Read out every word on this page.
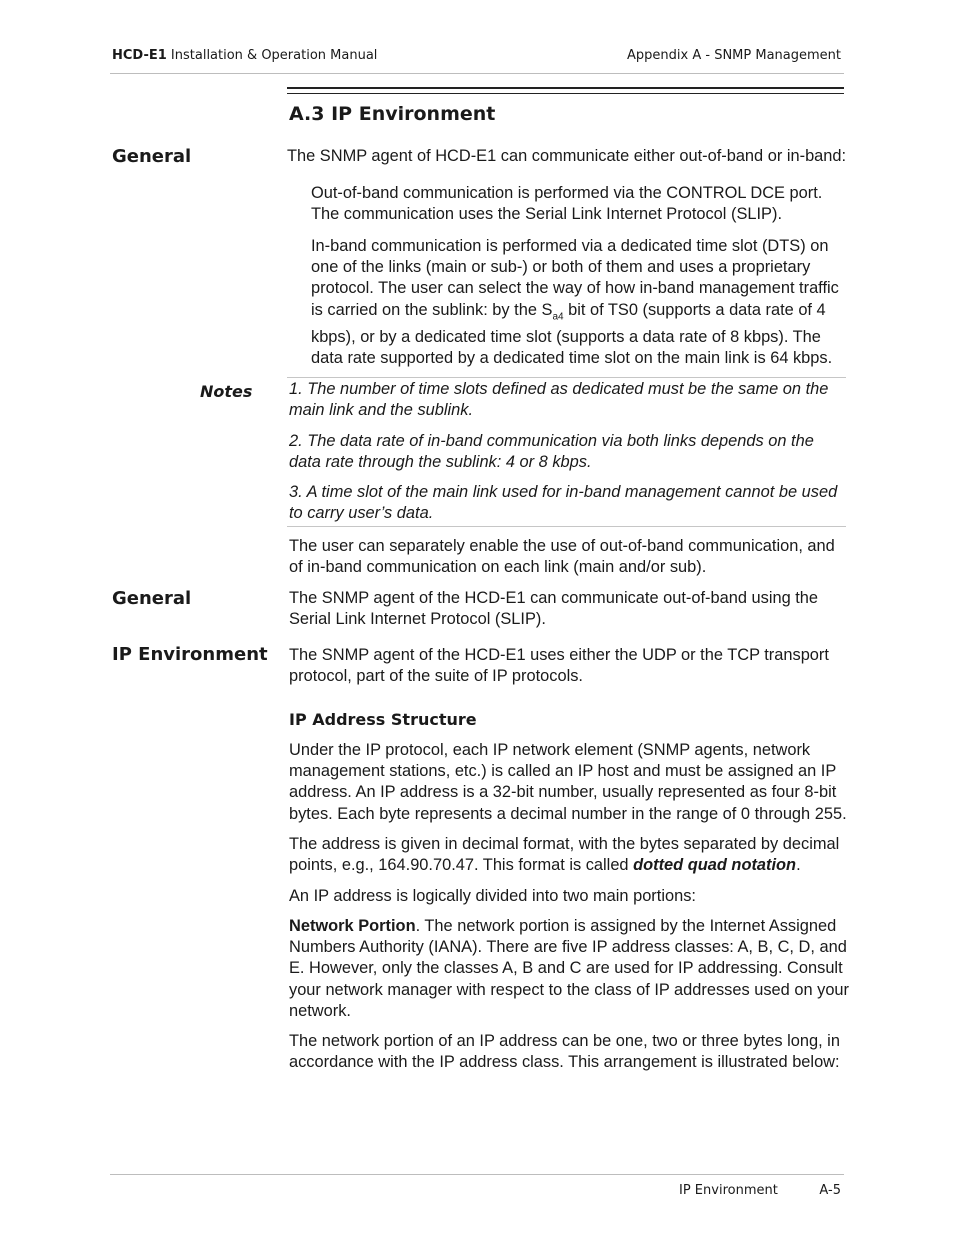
HCD-E1 Installation & Operation Manual	Appendix A - SNMP Management
A.3 IP Environment
General	The SNMP agent of HCD-E1 can communicate either out-of-band or in-band:
Out-of-band communication is performed via the CONTROL DCE port. The communication uses the Serial Link Internet Protocol (SLIP).
In-band communication is performed via a dedicated time slot (DTS) on one of the links (main or sub-) or both of them and uses a proprietary protocol. The user can select the way of how in-band management traffic is carried on the sublink: by the $S_{a4}$ bit of TS0 (supports a data rate of 4 kbps), or by a dedicated time slot (supports a data rate of 8 kbps). The data rate supported by a dedicated time slot on the main link is 64 kbps.
Notes 1. The number of time slots defined as dedicated must be the same on the main link and the sublink.
2. The data rate of in-band communication via both links depends on the data rate through the sublink: 4 or 8 kbps.
3. A time slot of the main link used for in-band management cannot be used to carry user’s data.
The user can separately enable the use of out-of-band communication, and of in-band communication on each link (main and/or sub).
General	The SNMP agent of the HCD-E1 can communicate out-of-band using the Serial Link Internet Protocol (SLIP).
IP Environment The SNMP agent of the HCD-E1 uses either the UDP or the TCP transport protocol, part of the suite of IP protocols.
IP Address Structure
Under the IP protocol, each IP network element (SNMP agents, network management stations, etc.) is called an IP host and must be assigned an IP address. An IP address is a 32-bit number, usually represented as four 8-bit bytes. Each byte represents a decimal number in the range of 0 through 255.
The address is given in decimal format, with the bytes separated by decimal points, e.g., 164.90.70.47. This format is called dotted quad notation.
An IP address is logically divided into two main portions:
Network Portion. The network portion is assigned by the Internet Assigned Numbers Authority (IANA). There are five IP address classes: A, B, C, D, and E. However, only the classes A, B and C are used for IP addressing. Consult your network manager with respect to the class of IP addresses used on your network.
The network portion of an IP address can be one, two or three bytes long, in accordance with the IP address class. This arrangement is illustrated below:
IP Environment	A-5
